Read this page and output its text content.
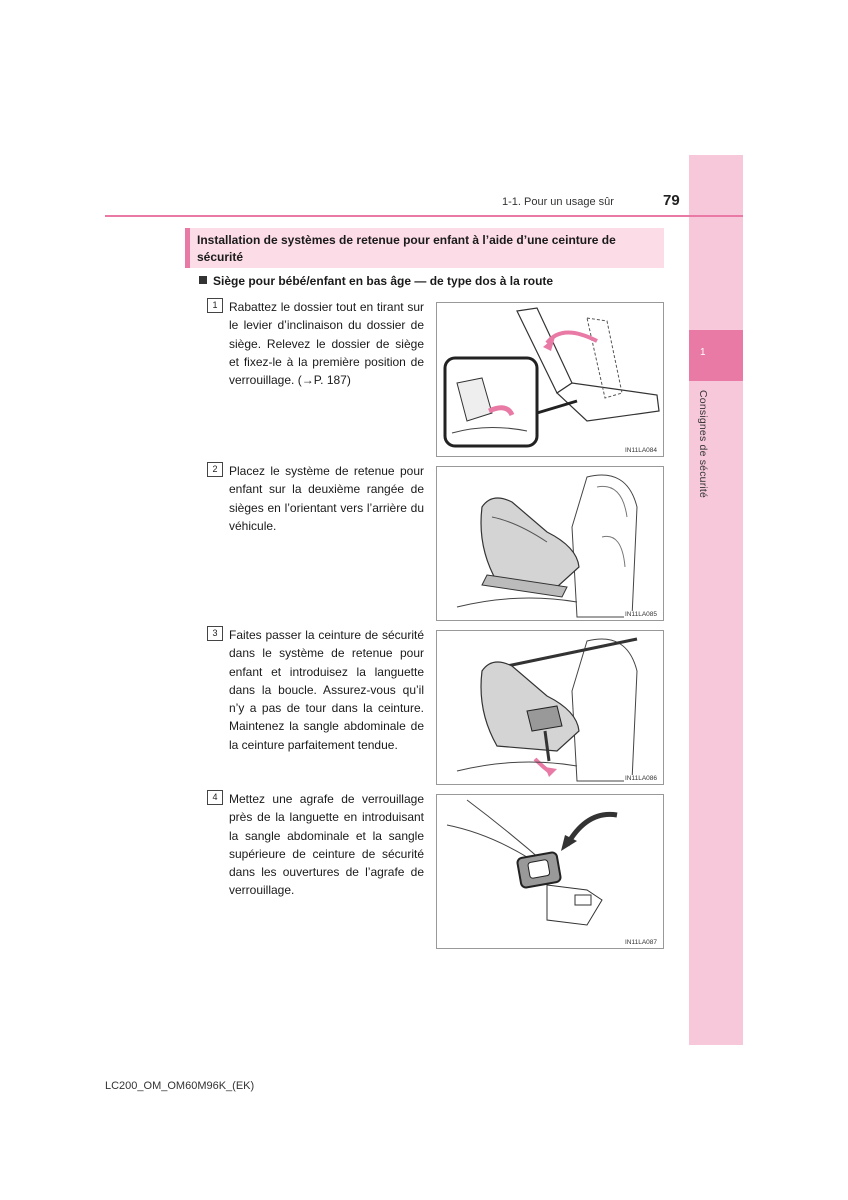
1
Consignes de sécurité
1-1. Pour un usage sûr	79
Installation de systèmes de retenue pour enfant à l’aide d’une ceinture de sécurité
Siège pour bébé/enfant en bas âge — de type dos à la route
1 Rabattez le dossier tout en tirant sur le levier d’inclinaison du dossier de siège. Relevez le dossier de siège et fixez-le à la première position de verrouillage. (→P. 187)
IN11LA084
2 Placez le système de retenue pour enfant sur la deuxième rangée de sièges en l’orientant vers l’arrière du véhicule.
IN11LA085
3 Faites passer la ceinture de sécurité dans le système de retenue pour enfant et introduisez la languette dans la boucle. Assurez-vous qu’il n’y a pas de tour dans la ceinture. Maintenez la sangle abdominale de la ceinture parfaitement tendue.
IN11LA086
4 Mettez une agrafe de verrouillage près de la languette en introduisant la sangle abdominale et la sangle supérieure de ceinture de sécurité dans les ouvertures de l’agrafe de verrouillage.
IN11LA087
LC200_OM_OM60M96K_(EK)
